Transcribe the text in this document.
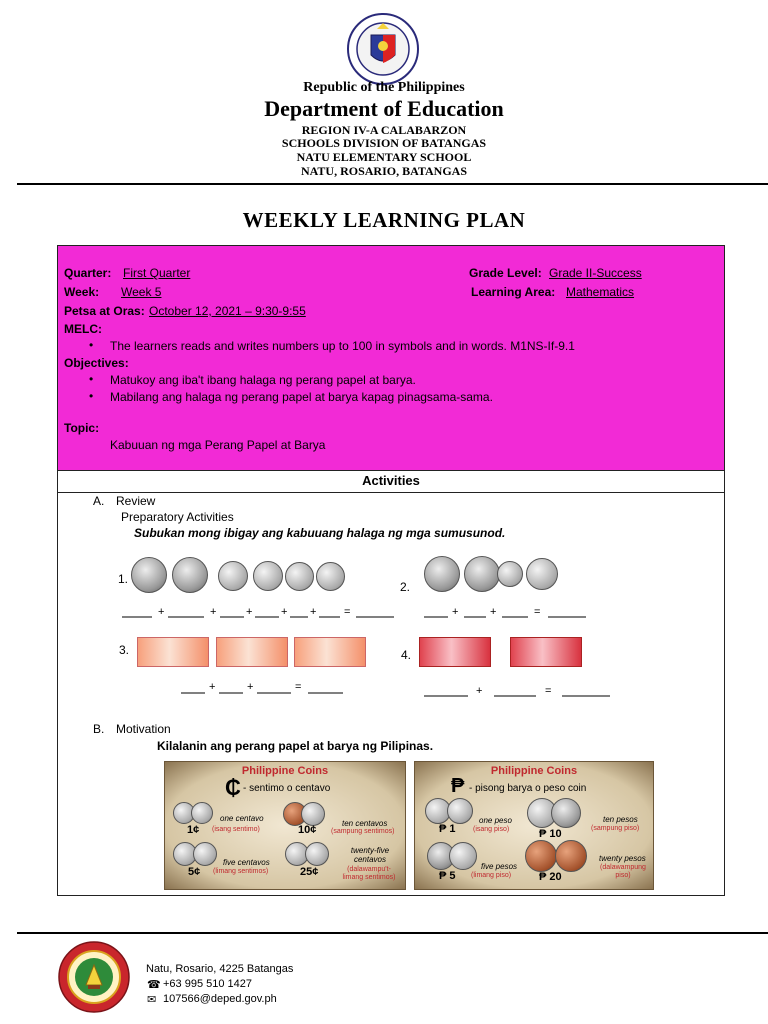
Republic of the Philippines
Department of Education
REGION IV-A CALABARZON
SCHOOLS DIVISION OF BATANGAS
NATU ELEMENTARY SCHOOL
NATU, ROSARIO, BATANGAS
WEEKLY LEARNING PLAN
Quarter: First Quarter	Grade Level: Grade II-Success
Week: Week 5	Learning Area: Mathematics
Petsa at Oras: October 12, 2021 – 9:30-9:55
MELC:
• The learners reads and writes numbers up to 100 in symbols and in words. M1NS-If-9.1
Objectives:
• Matukoy ang iba't ibang halaga ng perang papel at barya.
• Mabilang ang halaga ng perang papel at barya kapag pinagsama-sama.
Topic:
Kabuuan ng mga Perang Papel at Barya
Activities
A. Review
Preparatory Activities
Subukan mong ibigay ang kabuuang halaga ng mga sumusunod.
1.
+	+	+	+ +	=
2.
+	+	=
3.
+	+	=
4.
+	=
B. Motivation
Kilalanin ang perang papel at barya ng Pilipinas.
Philippine Coins
₵ - sentimo o centavo
1¢
one centavo
(isang sentimo)	10¢
ten centavos
(sampung sentimos)
5¢
five centavos
(limang sentimos)	25¢
twenty-five centavos
(dalawampu't-limang sentimos)
Philippine Coins
₱ - pisong barya o peso coin
₱ 1
one peso
(isang piso)	₱ 10
ten pesos
(sampung piso)
₱ 5
five pesos
(limang piso)	₱ 20
twenty pesos
(dalawampung piso)
Natu, Rosario, 4225 Batangas
☎ +63 995 510 1427
✉ 107566@deped.gov.ph
